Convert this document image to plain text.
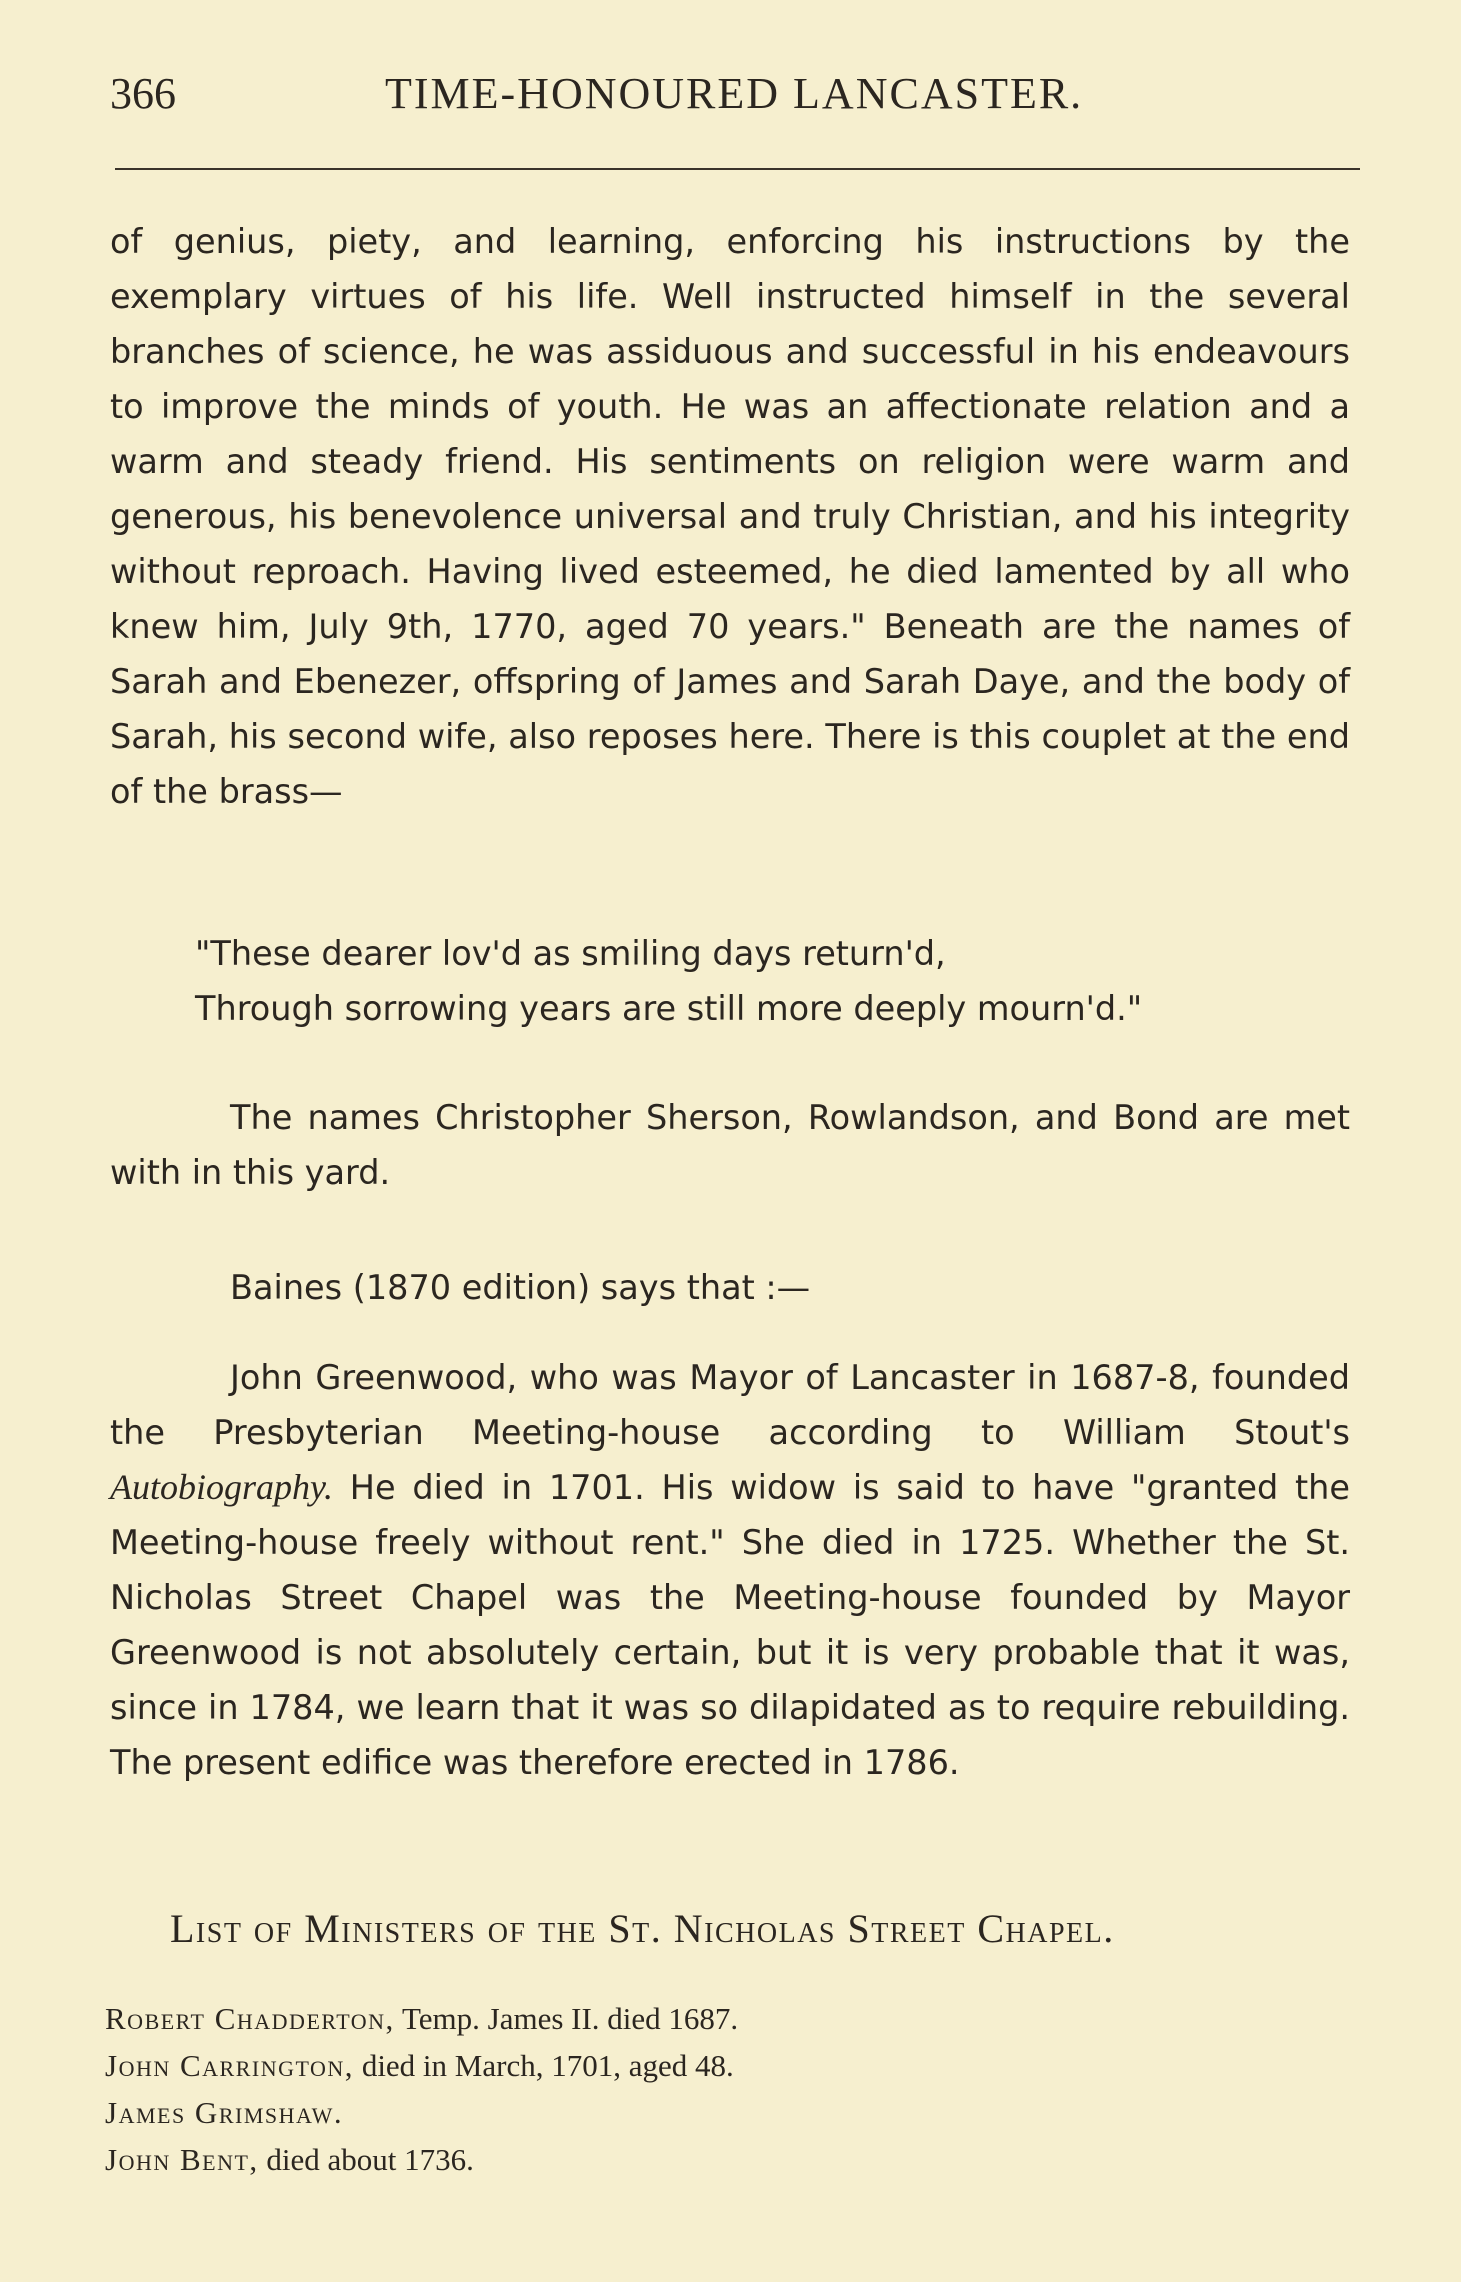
366	TIME-HONOURED LANCASTER.

of genius, piety, and learning, enforcing his instructions by the exemplary virtues of his life. Well instructed himself in the several branches of science, he was assiduous and successful in his endeavours to improve the minds of youth. He was an affectionate relation and a warm and steady friend. His sentiments on religion were warm and generous, his benevolence universal and truly Christian, and his integrity without reproach. Having lived esteemed, he died lamented by all who knew him, July 9th, 1770, aged 70 years." Beneath are the names of Sarah and Ebenezer, offspring of James and Sarah Daye, and the body of Sarah, his second wife, also reposes here. There is this couplet at the end of the brass—

"These dearer lov'd as smiling days return'd,
Through sorrowing years are still more deeply mourn'd."

The names Christopher Sherson, Rowlandson, and Bond are met with in this yard.

Baines (1870 edition) says that :—

John Greenwood, who was Mayor of Lancaster in 1687-8, founded the Presbyterian Meeting-house according to William Stout's Autobiography. He died in 1701. His widow is said to have "granted the Meeting-house freely without rent." She died in 1725. Whether the St. Nicholas Street Chapel was the Meeting-house founded by Mayor Greenwood is not absolutely certain, but it is very probable that it was, since in 1784, we learn that it was so dilapidated as to require rebuilding. The present edifice was therefore erected in 1786.

List of Ministers of the St. Nicholas Street Chapel.
Robert Chadderton, Temp. James II. died 1687.
John Carrington, died in March, 1701, aged 48.
James Grimshaw.
John Bent, died about 1736.
